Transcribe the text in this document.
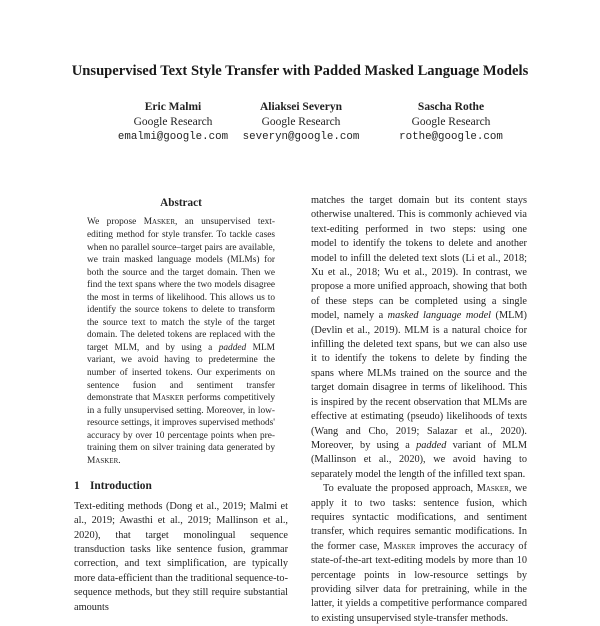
Unsupervised Text Style Transfer with Padded Masked Language Models
Eric Malmi
Google Research
emalmi@google.com
Aliaksei Severyn
Google Research
severyn@google.com
Sascha Rothe
Google Research
rothe@google.com
Abstract
We propose Masker, an unsupervised text-editing method for style transfer. To tackle cases when no parallel source–target pairs are available, we train masked language models (MLMs) for both the source and the target domain. Then we find the text spans where the two models disagree the most in terms of likelihood. This allows us to identify the source tokens to delete to transform the source text to match the style of the target domain. The deleted tokens are replaced with the target MLM, and by using a padded MLM variant, we avoid having to predetermine the number of inserted tokens. Our experiments on sentence fusion and sentiment transfer demonstrate that Masker performs competitively in a fully unsupervised setting. Moreover, in low-resource settings, it improves supervised methods' accuracy by over 10 percentage points when pre-training them on silver training data generated by Masker.
1 Introduction

Text-editing methods (Dong et al., 2019; Malmi et al., 2019; Awasthi et al., 2019; Mallinson et al., 2020), that target monolingual sequence transduction tasks like sentence fusion, grammar correction, and text simplification, are typically more data-efficient than the traditional sequence-to-sequence methods, but they still require substantial amounts

matches the target domain but its content stays otherwise unaltered. This is commonly achieved via text-editing performed in two steps: using one model to identify the tokens to delete and another model to infill the deleted text slots (Li et al., 2018; Xu et al., 2018; Wu et al., 2019). In contrast, we propose a more unified approach, showing that both of these steps can be completed using a single model, namely a masked language model (MLM) (Devlin et al., 2019). MLM is a natural choice for infilling the deleted text spans, but we can also use it to identify the tokens to delete by finding the spans where MLMs trained on the source and the target domain disagree in terms of likelihood. This is inspired by the recent observation that MLMs are effective at estimating (pseudo) likelihoods of texts (Wang and Cho, 2019; Salazar et al., 2020). Moreover, by using a padded variant of MLM (Mallinson et al., 2020), we avoid having to separately model the length of the infilled text span.

To evaluate the proposed approach, Masker, we apply it to two tasks: sentence fusion, which requires syntactic modifications, and sentiment transfer, which requires semantic modifications. In the former case, Masker improves the accuracy of state-of-the-art text-editing models by more than 10 percentage points in low-resource settings by providing silver data for pretraining, while in the latter, it yields a competitive performance compared to existing unsupervised style-transfer methods.
